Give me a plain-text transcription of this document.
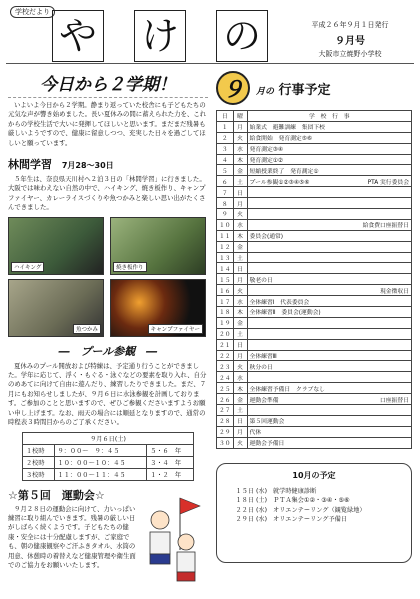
学校だより
や け の	平成２６年９月１日発行
９月号
大阪市立焼野小学校
今日から２学期！

いよいよ今日から２学期。静まり返っていた校舎にも子どもたちの元気な声が響き始めました。長い夏休みの間に蓄えられた力を、これからの学校生活で大いに発揮してほしいと思います。まだまだ残暑も厳しいようですので、健康に留意しつつ、充実した日々を過ごしてほしいと願っています。

林間学習 7月28～30日

５年生は、奈良県天川村へ２泊３日の「林間学習」に行きました。大阪では味わえない自然の中で、ハイキング、焼き板作り、キャンプファイヤー、カレーライスづくりや魚つかみと楽しい思い出がたくさんできました。

ハイキング	焼き板作り
魚つかみ	キャンプファイヤー
―　プール参観　―

夏休みのプール開放および特練は、予定通り行うことができました。学年に応じて、浮く・もぐる・泳ぐなどの要素を取り入れ、自分のめあてに向けて自由に遊んだり、練習したりできました。まだ、７月にもお知らせしましたが、９月６日に水泳参観を計画しております。ご参加のことと思いますので、ぜひご参観くださいますようお願い申し上げます。なお、雨天の場合には順延となりますので、通常の時程表３時間目からのご了承ください。

９月６日(土)		
１校時	９：００～　９：４５	５・６　年
２校時	１０：００～１０：４５	３・４　年
３校時	１１：００～１１：４５	１・２　年
☆第５回　運動会☆

９月２８日の運動会に向けて、力いっぱい練習に取り組んでいきます。残暑の厳しい日がしばらく続くようです。子どもたちの健康・安全には十分配慮しますが、ご家庭でも、朝の健康観察やご汗ふきタオル、水筒の用意、休憩時の着替えなど健康管理や衛生面でのご協力をお願いいたします。

９	月の 行事予定
日	曜	学　校　行　事
１	月	始業式　避難訓練　集団下校
２	火	給食開始　発育測定⑤⑥
３	水	発育測定③④
４	木	発育測定①②
５	金	短縮授業終了　発育測定①
６	土	プール参観①②③④⑤⑥ PTA 実行委員会

７	日	
８	月	
９	火	
１０	水	給食費口座振替日

１１	木	委員会(通常)
１２	金	
１３	土	
１４	日	
１５	月	敬老の日
１６	火	現金徴収日

１７	水	全体練習Ⅰ　代表委員会
１８	木	全体練習Ⅱ　委員会(運動会)
１９	金	
２０	土	
２１	日	
２２	月	全体練習Ⅲ
２３	火	秋分の日
２４	水	
２５	木	全体練習予備日　クラブなし
２６	金	運動会準備 口座振替日

２７	土	
２８	日	第５回運動会
２９	月	代休
３０	火	運動会予備日
10月の予定
１５日 (水) 就学時健康診断
１８日 (土) ＰＴＡ集会①②・③④・⑤⑥
２２日 (水) オリエンテーリング（観覧緑地）
２９日 (水) オリエンテーリング予備日
